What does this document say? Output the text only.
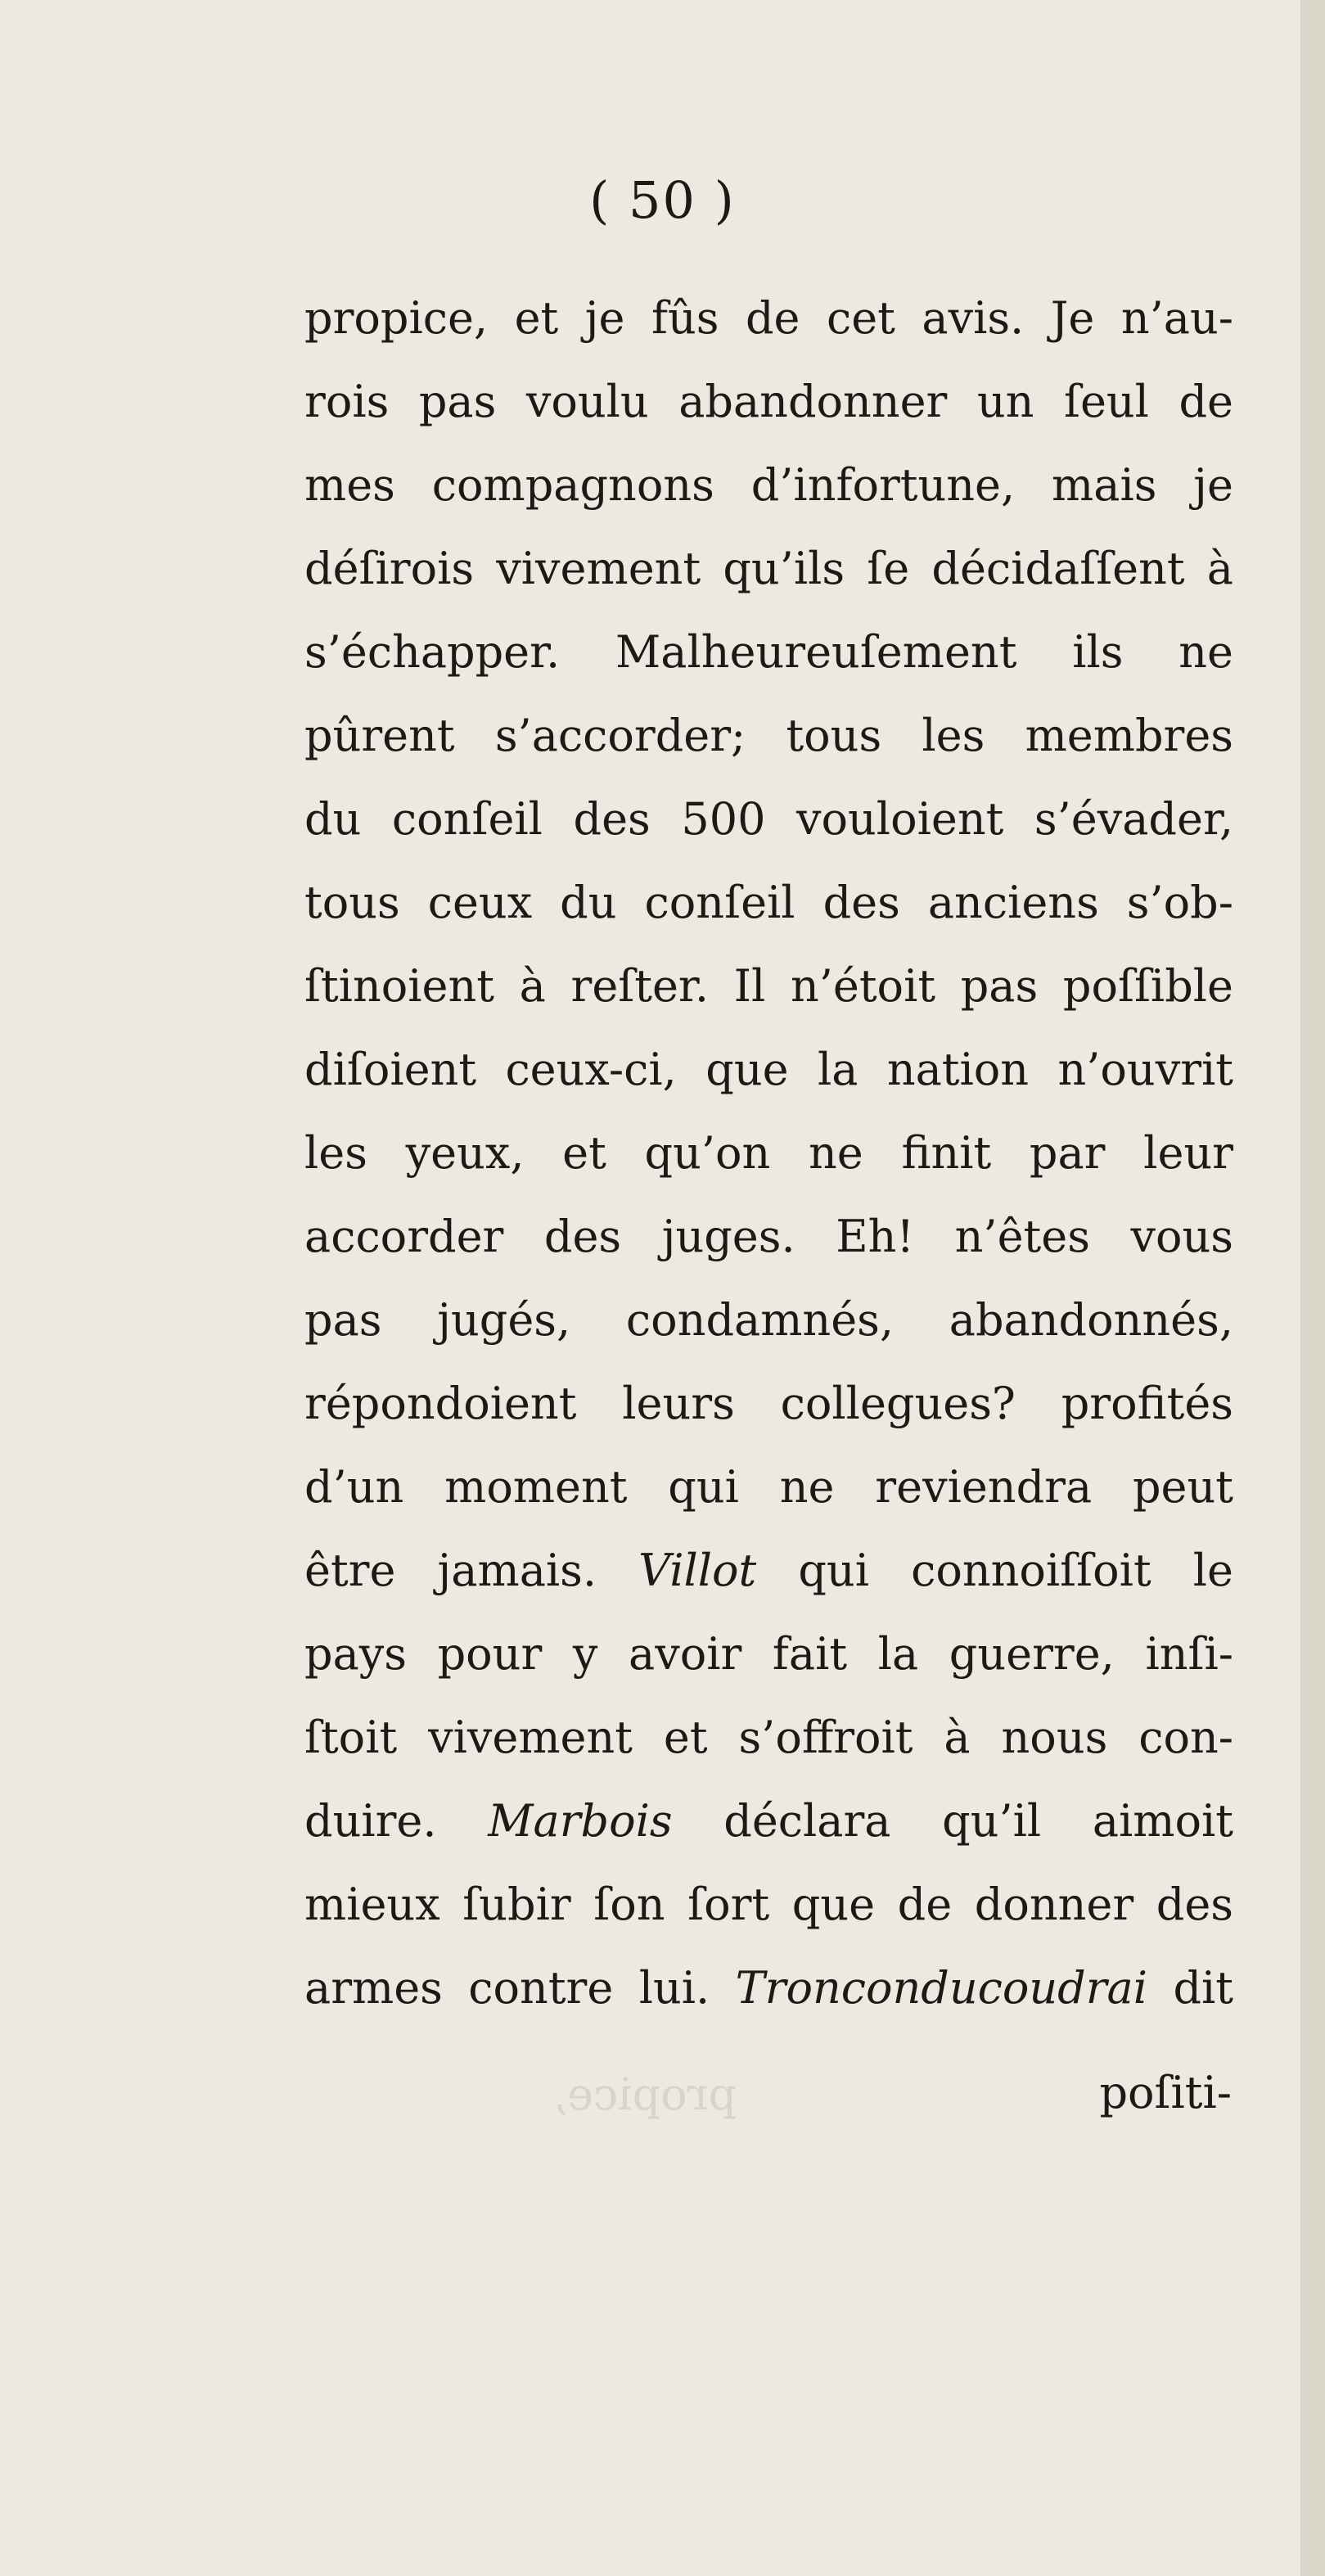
propice,
( 50 )
propice, et je fûs de cet avis. Je n’au-
rois pas voulu abandonner un ſeul de
mes compagnons d’infortune, mais je
déſirois vivement qu’ils ſe décidaſſent à
s’échapper. Malheureuſement ils ne
pûrent s’accorder; tous les membres
du conſeil des 500 vouloient s’évader,
tous ceux du conſeil des anciens s’ob-
ſtinoient à reſter. Il n’étoit pas poſſible
diſoient ceux-ci, que la nation n’ouvrit
les yeux, et qu’on ne finit par leur
accorder des juges. Eh! n’êtes vous
pas jugés, condamnés, abandonnés,
répondoient leurs collegues? profités
d’un moment qui ne reviendra peut
être jamais. Villot qui connoiſſoit le
pays pour y avoir fait la guerre, inſi-
ſtoit vivement et s’offroit à nous con-
duire. Marbois déclara qu’il aimoit
mieux ſubir ſon ſort que de donner des
armes contre lui. Tronconducoudrai dit
poſiti-
